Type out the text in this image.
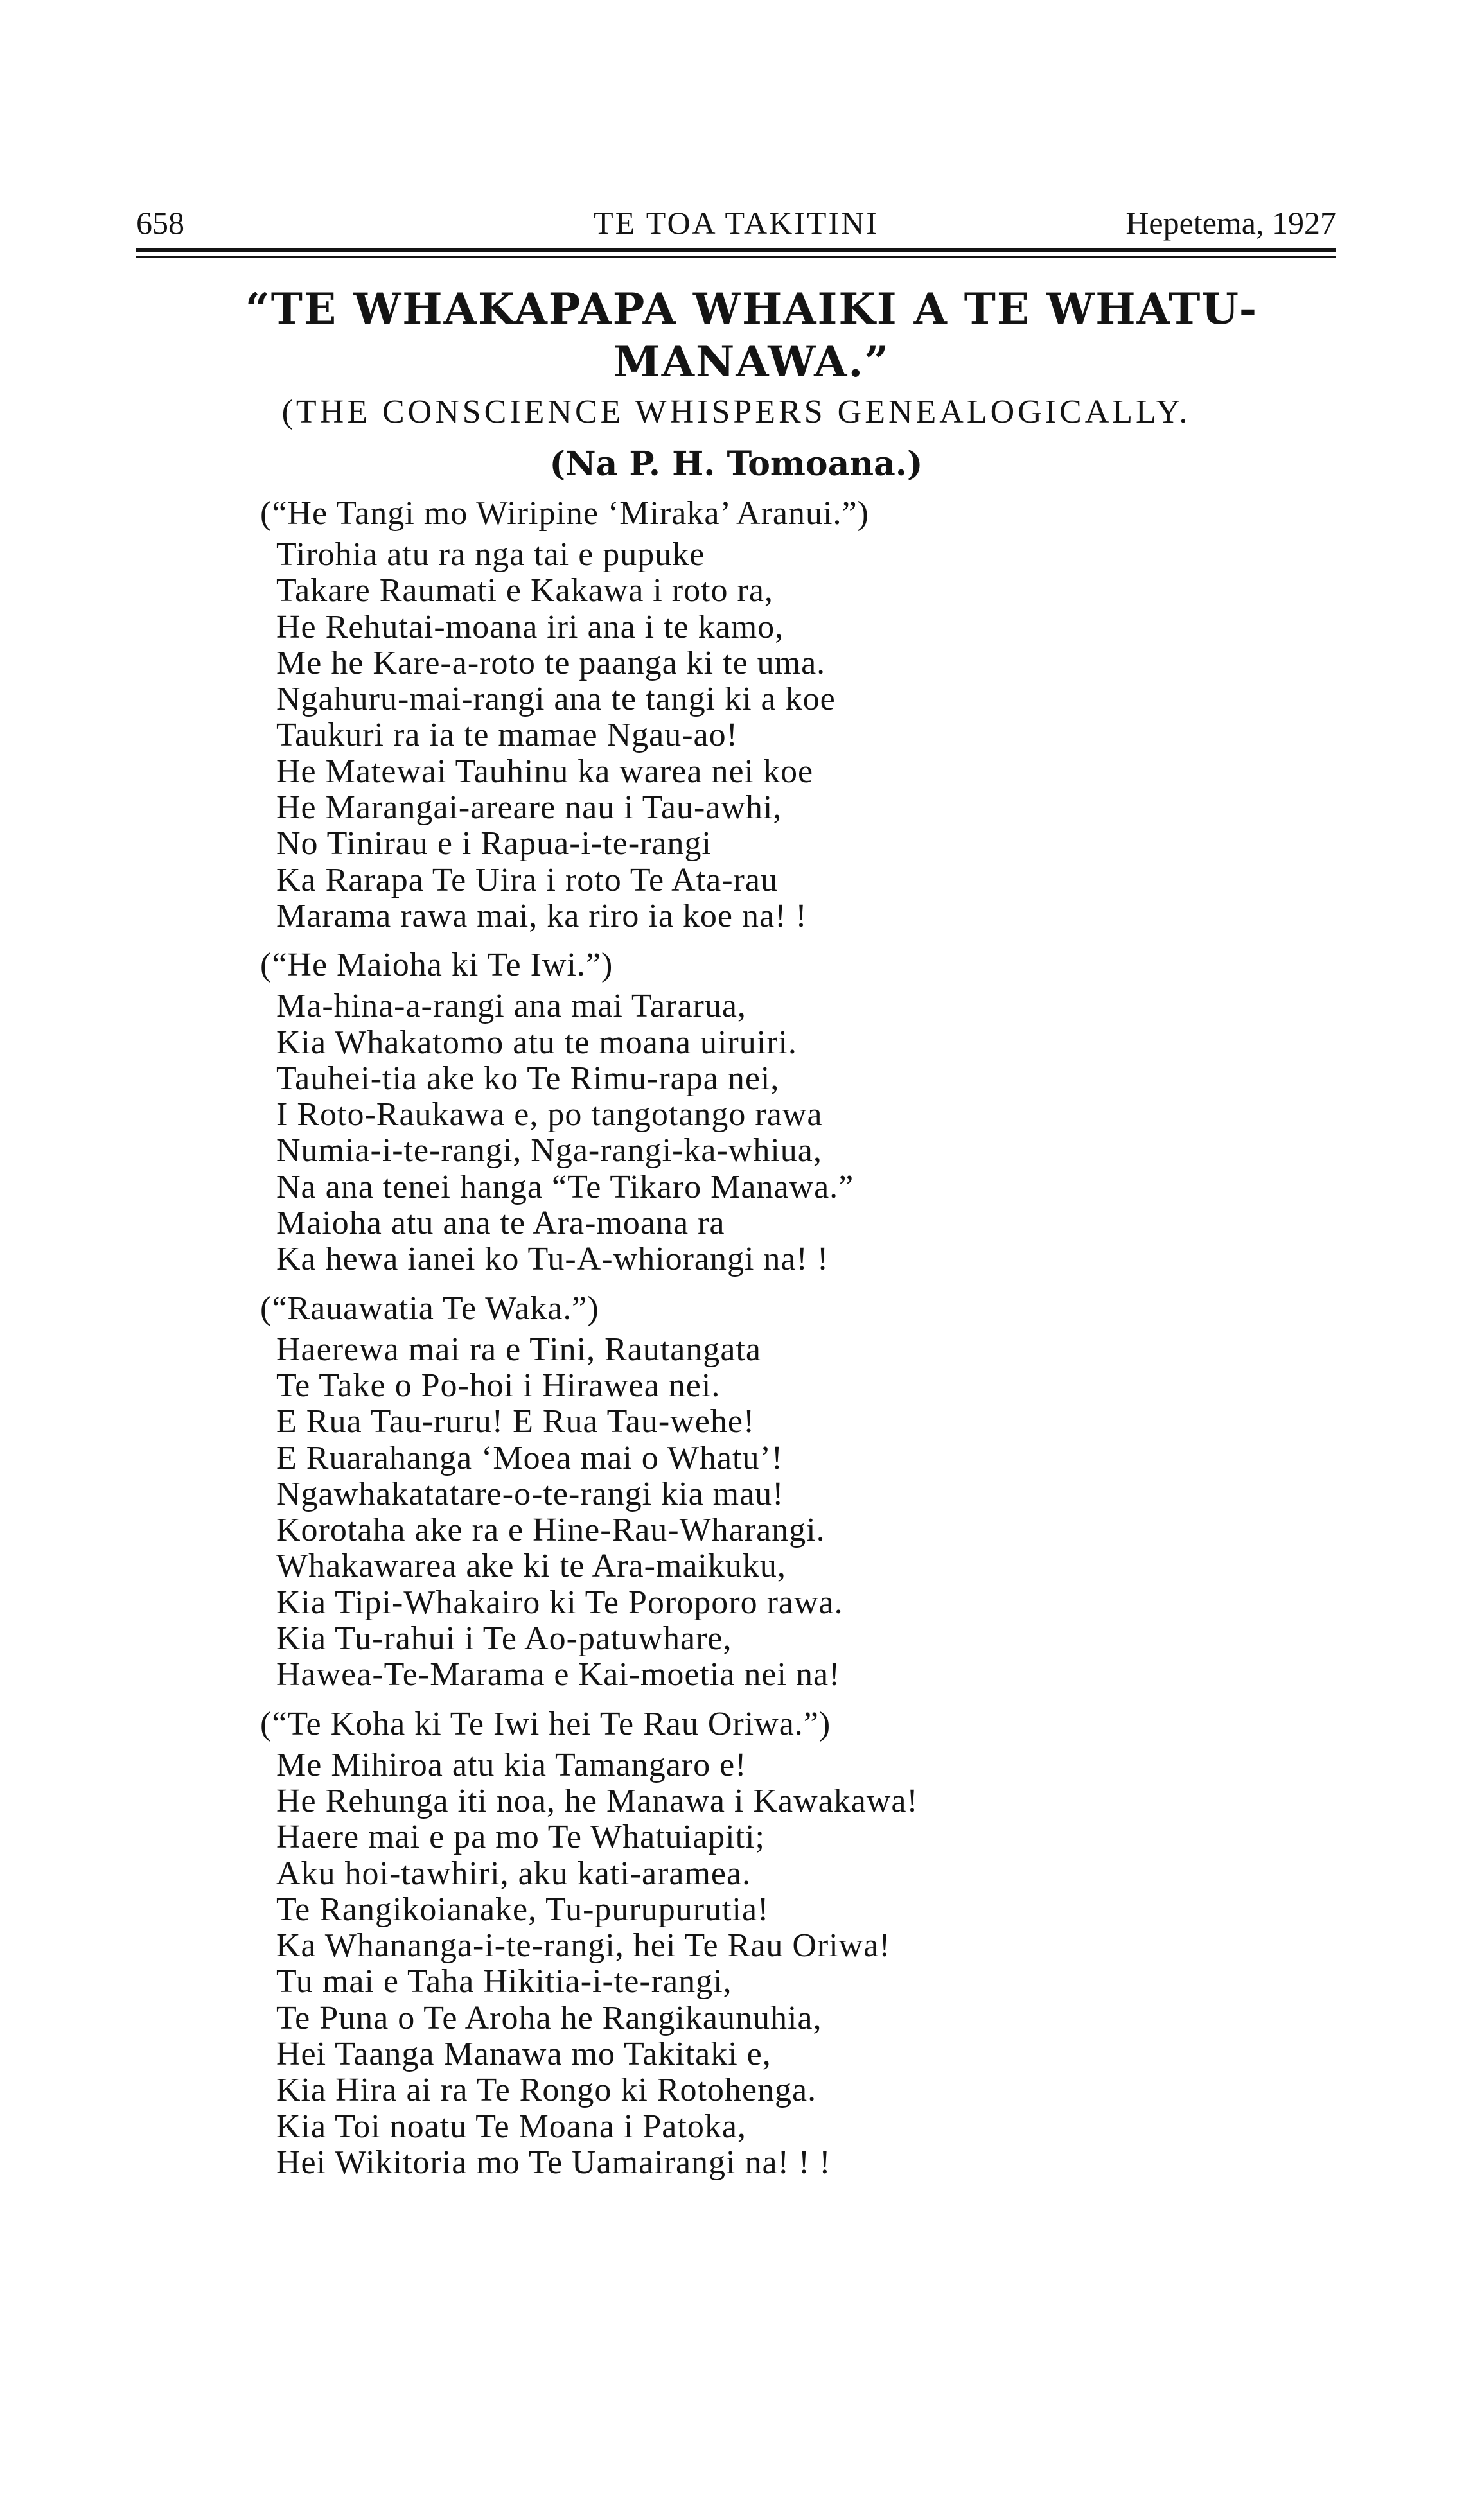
658	TE TOA TAKITINI	Hepetema, 1927
“TE WHAKAPAPA WHAIKI A TE WHATU-
MANAWA.”
(THE CONSCIENCE WHISPERS GENEALOGICALLY.
(Na P. H. Tomoana.)
(“He Tangi mo Wiripine ‘Miraka’ Aranui.”)
Tirohia atu ra nga tai e pupuke
Takare Raumati e Kakawa i roto ra,
He Rehutai-moana iri ana i te kamo,
Me he Kare-a-roto te paanga ki te uma.
Ngahuru-mai-rangi ana te tangi ki a koe
Taukuri ra ia te mamae Ngau-ao!
He Matewai Tauhinu ka warea nei koe
He Marangai-areare nau i Tau-awhi,
No Tinirau e i Rapua-i-te-rangi
Ka Rarapa Te Uira i roto Te Ata-rau
Marama rawa mai, ka riro ia koe na! !
(“He Maioha ki Te Iwi.”)
Ma-hina-a-rangi ana mai Tararua,
Kia Whakatomo atu te moana uiruiri.
Tauhei-tia ake ko Te Rimu-rapa nei,
I Roto-Raukawa e, po tangotango rawa
Numia-i-te-rangi, Nga-rangi-ka-whiua,
Na ana tenei hanga “Te Tikaro Manawa.”
Maioha atu ana te Ara-moana ra
Ka hewa ianei ko Tu-A-whiorangi na! !
(“Rauawatia Te Waka.”)
Haerewa mai ra e Tini, Rautangata
Te Take o Po-hoi i Hirawea nei.
E Rua Tau-ruru! E Rua Tau-wehe!
E Ruarahanga ‘Moea mai o Whatu’!
Ngawhakatatare-o-te-rangi kia mau!
Korotaha ake ra e Hine-Rau-Wharangi.
Whakawarea ake ki te Ara-maikuku,
Kia Tipi-Whakairo ki Te Poroporo rawa.
Kia Tu-rahui i Te Ao-patuwhare,
Hawea-Te-Marama e Kai-moetia nei na!
(“Te Koha ki Te Iwi hei Te Rau Oriwa.”)
Me Mihiroa atu kia Tamangaro e!
He Rehunga iti noa, he Manawa i Kawakawa!
Haere mai e pa mo Te Whatuiapiti;
Aku hoi-tawhiri, aku kati-aramea.
Te Rangikoianake, Tu-purupurutia!
Ka Whananga-i-te-rangi, hei Te Rau Oriwa!
Tu mai e Taha Hikitia-i-te-rangi,
Te Puna o Te Aroha he Rangikaunuhia,
Hei Taanga Manawa mo Takitaki e,
Kia Hira ai ra Te Rongo ki Rotohenga.
Kia Toi noatu Te Moana i Patoka,
Hei Wikitoria mo Te Uamairangi na! ! !
